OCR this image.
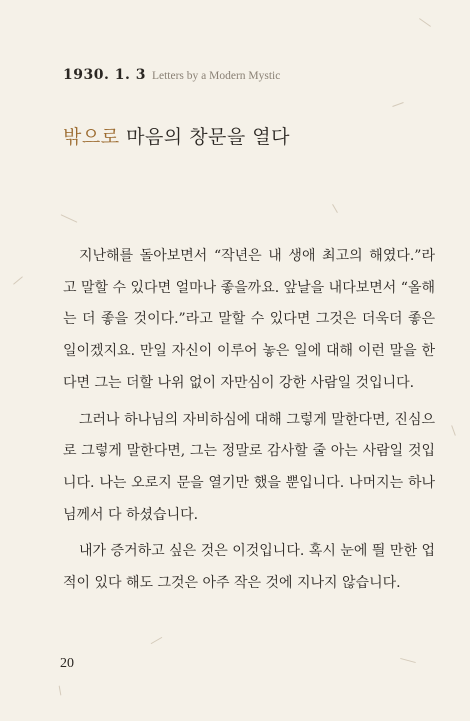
1930. 1. 3 Letters by a Modern Mystic
밖으로 마음의 창문을 열다

지난해를 돌아보면서 “작년은 내 생애 최고의 해였다.”라고 말할 수 있다면 얼마나 좋을까요. 앞날을 내다보면서 “올해는 더 좋을 것이다.”라고 말할 수 있다면 그것은 더욱더 좋은 일이겠지요. 만일 자신이 이루어 놓은 일에 대해 이런 말을 한다면 그는 더할 나위 없이 자만심이 강한 사람일 것입니다.

그러나 하나님의 자비하심에 대해 그렇게 말한다면, 진심으로 그렇게 말한다면, 그는 정말로 감사할 줄 아는 사람일 것입니다. 나는 오로지 문을 열기만 했을 뿐입니다. 나머지는 하나님께서 다 하셨습니다.

내가 증거하고 싶은 것은 이것입니다. 혹시 눈에 띌 만한 업적이 있다 해도 그것은 아주 작은 것에 지나지 않습니다.

20
